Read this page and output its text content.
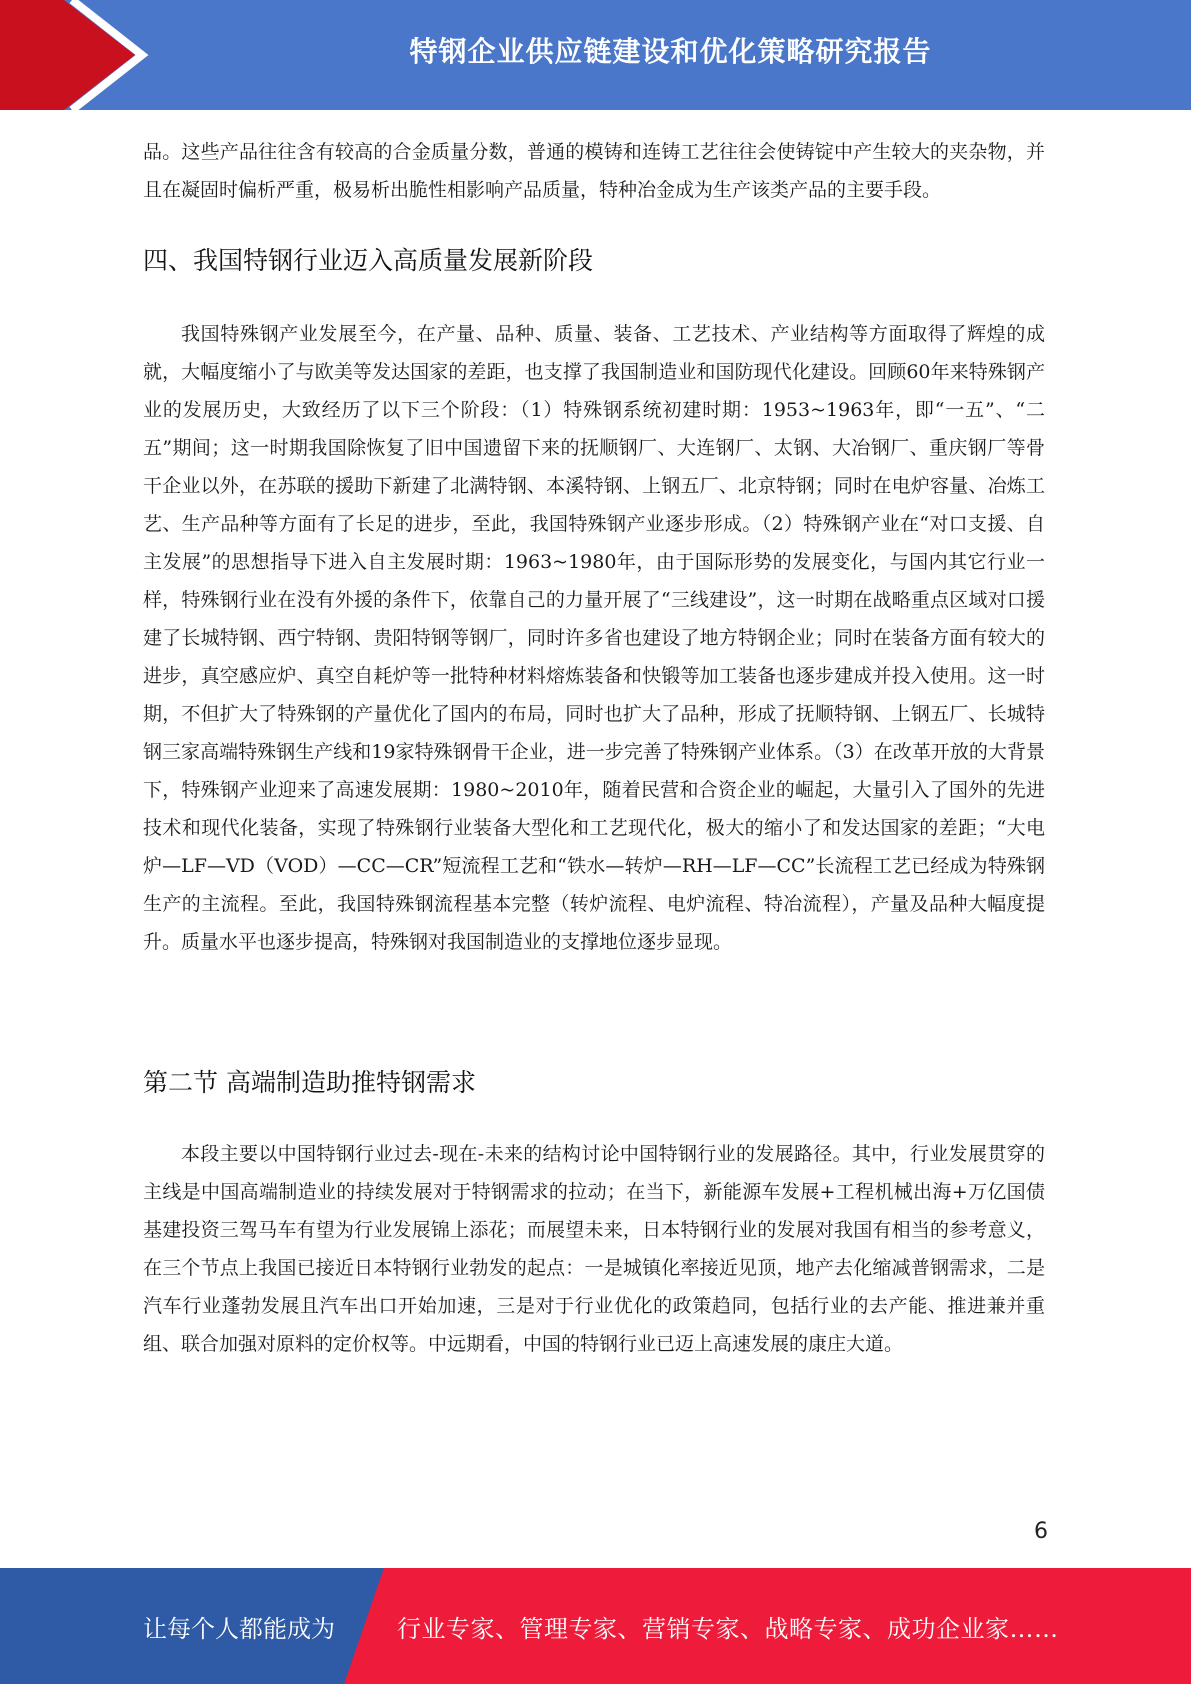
特钢企业供应链建设和优化策略研究报告

品。这些产品往往含有较高的合金质量分数，普通的模铸和连铸工艺往往会使铸锭中产生较大的夹杂物，并且在凝固时偏析严重，极易析出脆性相影响产品质量，特种冶金成为生产该类产品的主要手段。

四、我国特钢行业迈入高质量发展新阶段

我国特殊钢产业发展至今，在产量、品种、质量、装备、工艺技术、产业结构等方面取得了辉煌的成就，大幅度缩小了与欧美等发达国家的差距，也支撑了我国制造业和国防现代化建设。回顾60年来特殊钢产业的发展历史，大致经历了以下三个阶段：（1）特殊钢系统初建时期：1953~1963年，即“一五”、“二五”期间；这一时期我国除恢复了旧中国遗留下来的抚顺钢厂、大连钢厂、太钢、大冶钢厂、重庆钢厂等骨干企业以外，在苏联的援助下新建了北满特钢、本溪特钢、上钢五厂、北京特钢；同时在电炉容量、冶炼工艺、生产品种等方面有了长足的进步，至此，我国特殊钢产业逐步形成。（2）特殊钢产业在“对口支援、自主发展”的思想指导下进入自主发展时期：1963~1980年，由于国际形势的发展变化，与国内其它行业一样，特殊钢行业在没有外援的条件下，依靠自己的力量开展了“三线建设”，这一时期在战略重点区域对口援建了长城特钢、西宁特钢、贵阳特钢等钢厂，同时许多省也建设了地方特钢企业；同时在装备方面有较大的进步，真空感应炉、真空自耗炉等一批特种材料熔炼装备和快锻等加工装备也逐步建成并投入使用。这一时期，不但扩大了特殊钢的产量优化了国内的布局，同时也扩大了品种，形成了抚顺特钢、上钢五厂、长城特钢三家高端特殊钢生产线和19家特殊钢骨干企业，进一步完善了特殊钢产业体系。（3）在改革开放的大背景下，特殊钢产业迎来了高速发展期：1980~2010年，随着民营和合资企业的崛起，大量引入了国外的先进技术和现代化装备，实现了特殊钢行业装备大型化和工艺现代化，极大的缩小了和发达国家的差距；“大电炉—LF—VD（VOD）—CC—CR”短流程工艺和“铁水—转炉—RH—LF—CC”长流程工艺已经成为特殊钢生产的主流程。至此，我国特殊钢流程基本完整（转炉流程、电炉流程、特冶流程），产量及品种大幅度提升。质量水平也逐步提高，特殊钢对我国制造业的支撑地位逐步显现。

第二节 高端制造助推特钢需求

本段主要以中国特钢行业过去-现在-未来的结构讨论中国特钢行业的发展路径。其中，行业发展贯穿的主线是中国高端制造业的持续发展对于特钢需求的拉动；在当下，新能源车发展+工程机械出海+万亿国债基建投资三驾马车有望为行业发展锦上添花；而展望未来，日本特钢行业的发展对我国有相当的参考意义，在三个节点上我国已接近日本特钢行业勃发的起点：一是城镇化率接近见顶，地产去化缩减普钢需求，二是汽车行业蓬勃发展且汽车出口开始加速，三是对于行业优化的政策趋同，包括行业的去产能、推进兼并重组、联合加强对原料的定价权等。中远期看，中国的特钢行业已迈上高速发展的康庄大道。

6
让每个人都能成为	行业专家、管理专家、营销专家、战略专家、成功企业家……
